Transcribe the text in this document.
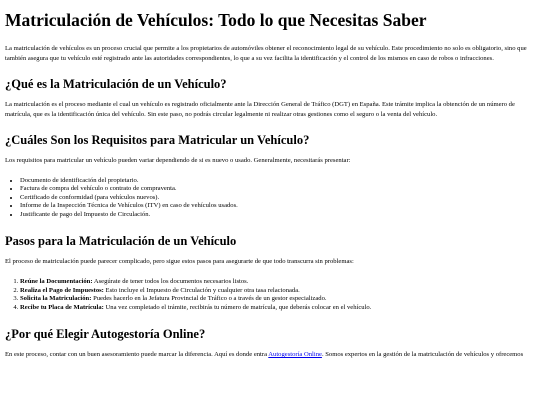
Matriculación de Vehículos: Todo lo que Necesitas Saber

La matriculación de vehículos es un proceso crucial que permite a los propietarios de automóviles obtener el reconocimiento legal de su vehículo. Este procedimiento no solo es obligatorio, sino que también asegura que tu vehículo esté registrado ante las autoridades correspondientes, lo que a su vez facilita la identificación y el control de los mismos en caso de robos o infracciones.

¿Qué es la Matriculación de un Vehículo?

La matriculación es el proceso mediante el cual un vehículo es registrado oficialmente ante la Dirección General de Tráfico (DGT) en España. Este trámite implica la obtención de un número de matrícula, que es la identificación única del vehículo. Sin este paso, no podrás circular legalmente ni realizar otras gestiones como el seguro o la venta del vehículo.

¿Cuáles Son los Requisitos para Matricular un Vehículo?

Los requisitos para matricular un vehículo pueden variar dependiendo de si es nuevo o usado. Generalmente, necesitarás presentar:

• Documento de identificación del propietario.
• Factura de compra del vehículo o contrato de compraventa.
• Certificado de conformidad (para vehículos nuevos).
• Informe de la Inspección Técnica de Vehículos (ITV) en caso de vehículos usados.
• Justificante de pago del Impuesto de Circulación.
Pasos para la Matriculación de un Vehículo

El proceso de matriculación puede parecer complicado, pero sigue estos pasos para asegurarte de que todo transcurra sin problemas:

1. Reúne la Documentación: Asegúrate de tener todos los documentos necesarios listos.
2. Realiza el Pago de Impuestos: Esto incluye el Impuesto de Circulación y cualquier otra tasa relacionada.
3. Solicita la Matriculación: Puedes hacerlo en la Jefatura Provincial de Tráfico o a través de un gestor especializado.
4. Recibe tu Placa de Matrícula: Una vez completado el trámite, recibirás tu número de matrícula, que deberás colocar en el vehículo.
¿Por qué Elegir Autogestoría Online?

En este proceso, contar con un buen asesoramiento puede marcar la diferencia. Aquí es donde entra Autogestoría Online. Somos expertos en la gestión de la matriculación de vehículos y ofrecemos
